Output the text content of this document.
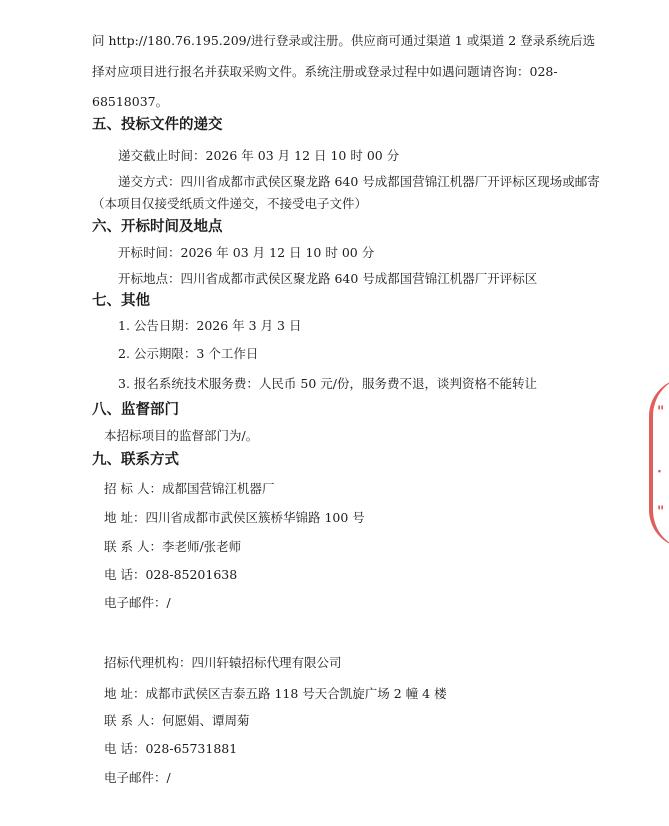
问 http://180.76.195.209/进行登录或注册。供应商可通过渠道 1 或渠道 2 登录系统后选
择对应项目进行报名并获取采购文件。系统注册或登录过程中如遇问题请咨询：028-
68518037。
五、投标文件的递交
递交截止时间：2026 年 03 月 12 日 10 时 00 分
递交方式：四川省成都市武侯区聚龙路 640 号成都国营锦江机器厂开评标区现场或邮寄
（本项目仅接受纸质文件递交，不接受电子文件）
六、开标时间及地点
开标时间：2026 年 03 月 12 日 10 时 00 分
开标地点：四川省成都市武侯区聚龙路 640 号成都国营锦江机器厂开评标区
七、其他
1. 公告日期：2026 年 3 月 3 日
2. 公示期限：3 个工作日
3. 报名系统技术服务费：人民币 50 元/份，服务费不退，谈判资格不能转让
八、监督部门
本招标项目的监督部门为/。
九、联系方式
招 标 人：成都国营锦江机器厂
地 址：四川省成都市武侯区簇桥华锦路 100 号
联 系 人：李老师/张老师
电 话：028-85201638
电子邮件：/
招标代理机构：四川轩辕招标代理有限公司
地 址：成都市武侯区吉泰五路 118 号天合凯旋广场 2 幢 4 楼
联 系 人：何愿娟、谭周菊
电 话：028-65731881
电子邮件：/
"
·
"
